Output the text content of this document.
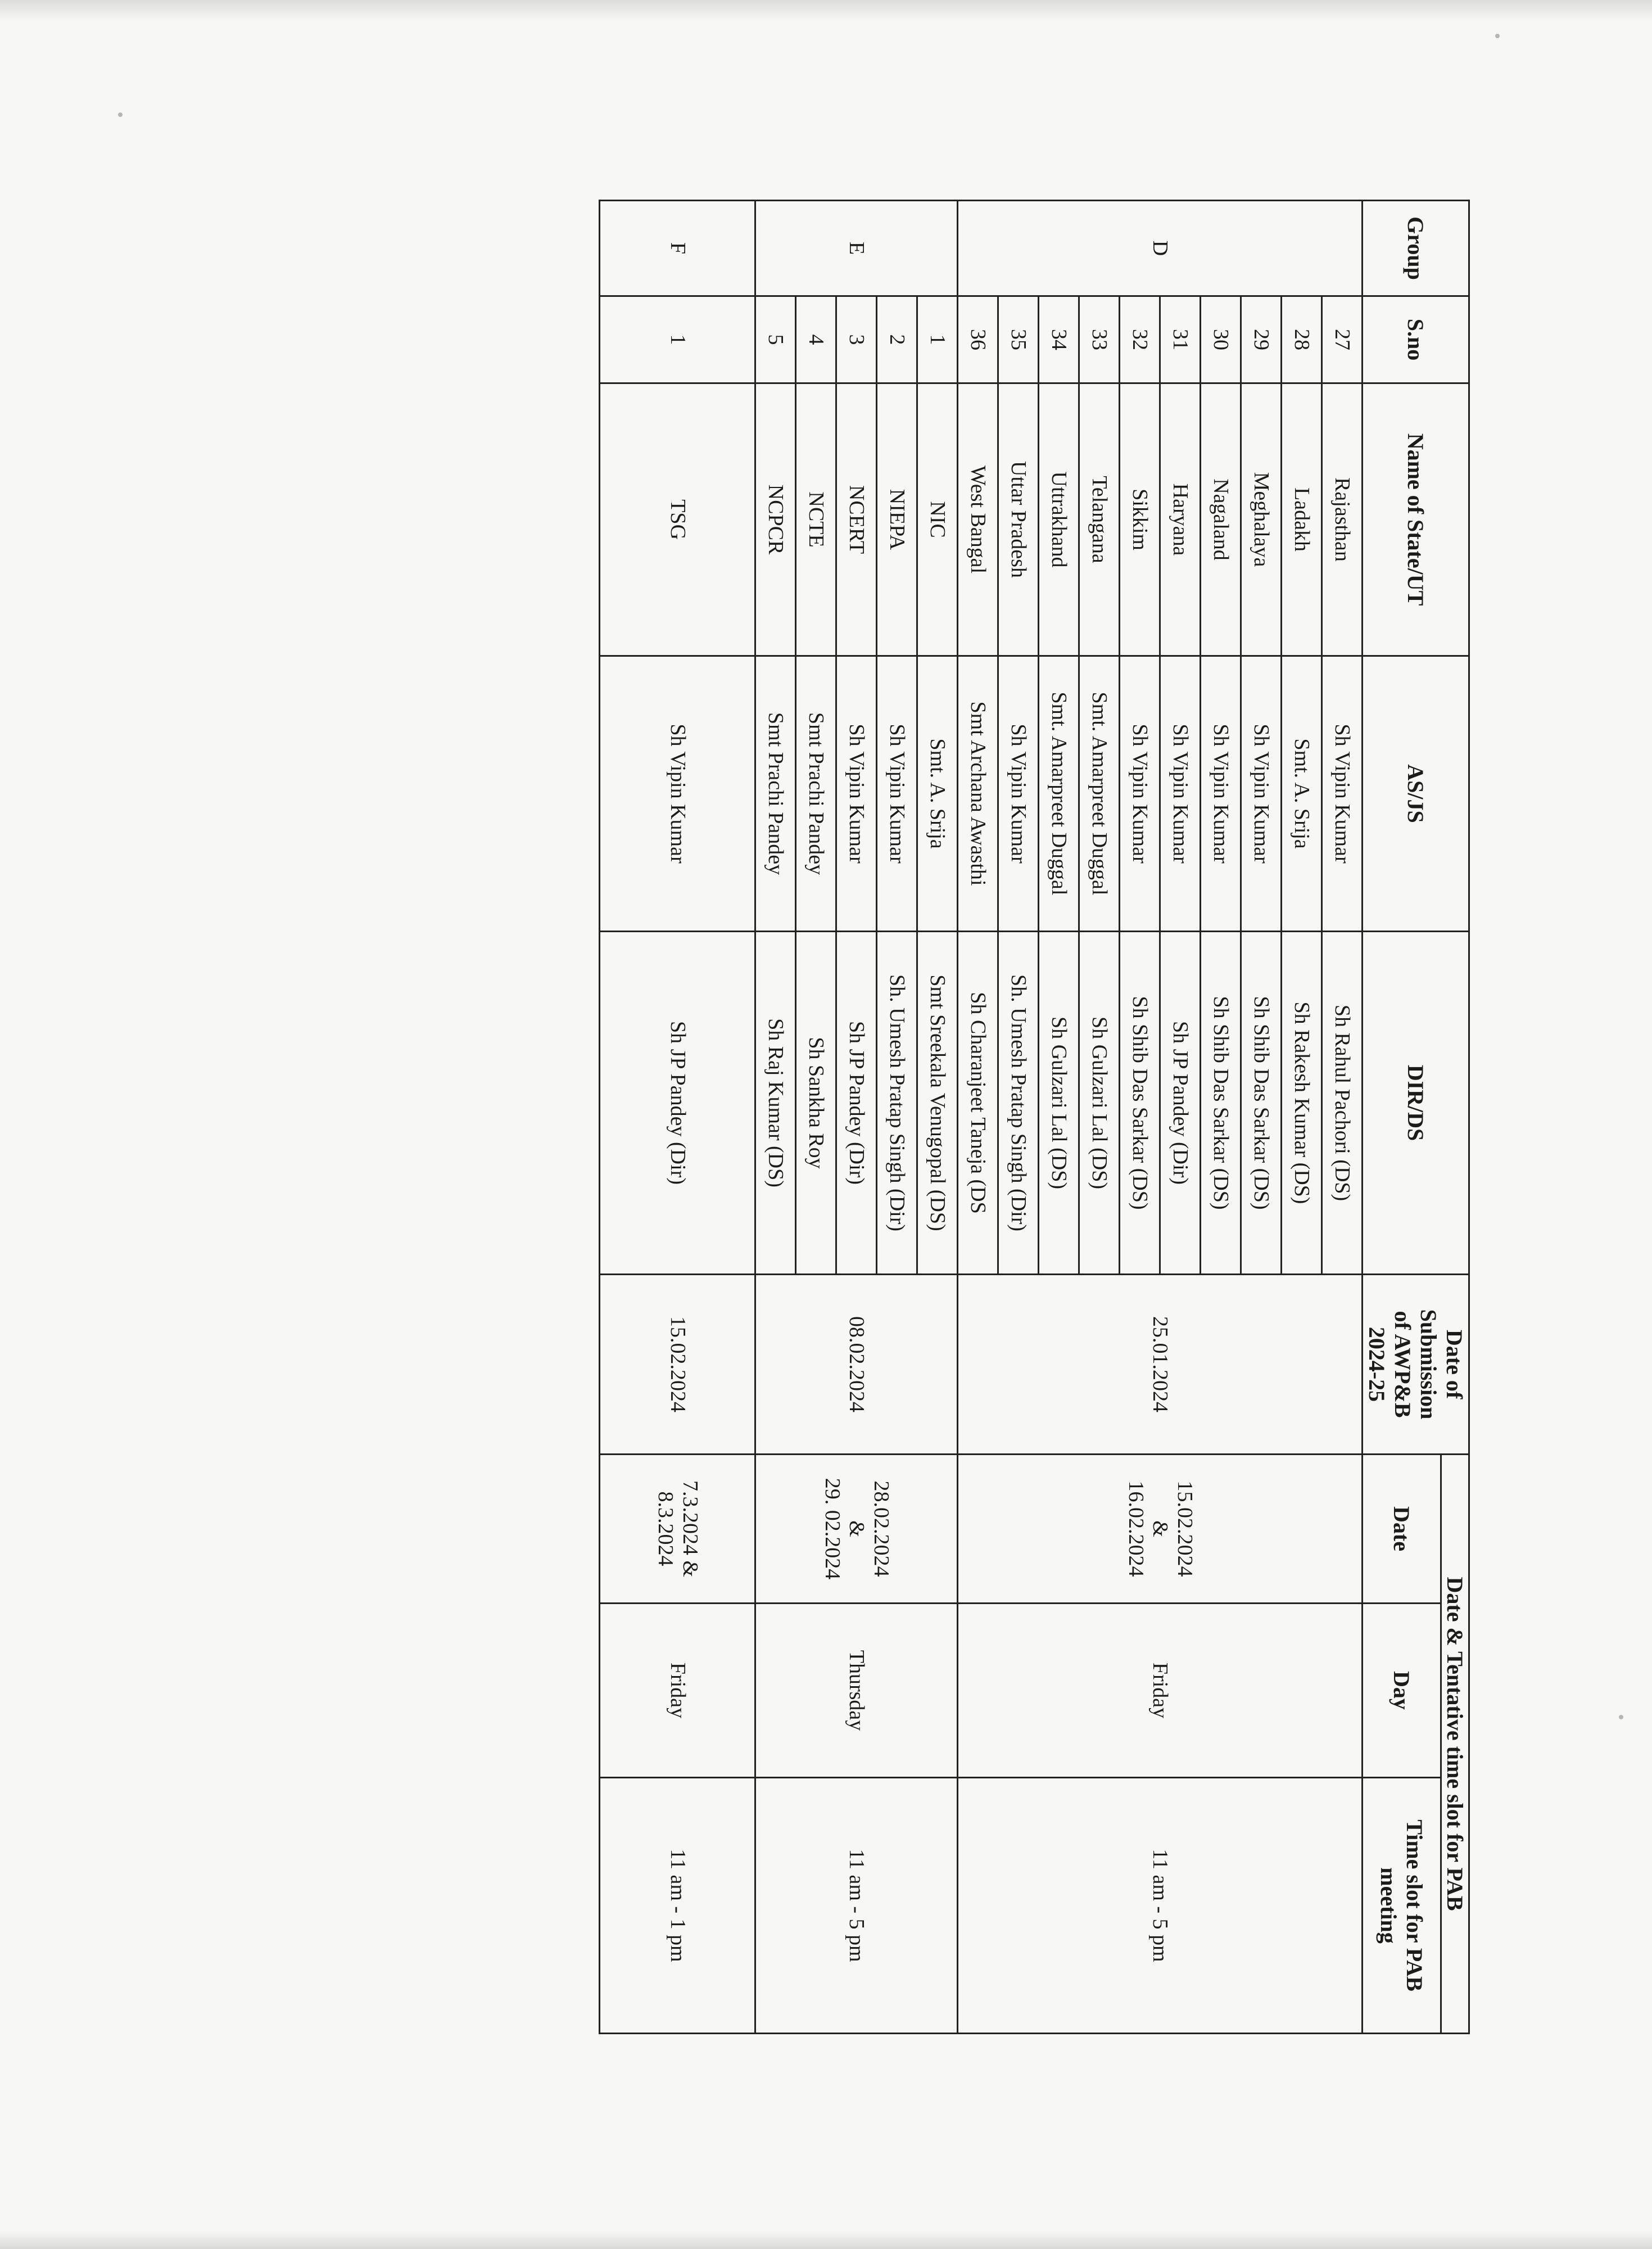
Group	S.no	Name of State/UT	AS/JS	DIR/DS	Date of
Submission
of AWP&B
2024-25	Date & Tentative time slot for PAB		
						Date	Day	Time slot for PAB
meeting

D	27	Rajasthan	Sh Vipin Kumar	Sh Rahul Pachori (DS)	25.01.2024	15.02.2024
&
16.02.2024	Friday	11 am - 5 pm
	28	Ladakh	Smt. A. Srija	Sh Rakesh Kumar (DS)				
	29	Meghalaya	Sh Vipin Kumar	Sh Shib Das Sarkar (DS)				
	30	Nagaland	Sh Vipin Kumar	Sh Shib Das Sarkar (DS)				
	31	Haryana	Sh Vipin Kumar	Sh JP Pandey (Dir)				
	32	Sikkim	Sh Vipin Kumar	Sh Shib Das Sarkar (DS)				
	33	Telangana	Smt. Amarpreet Duggal	Sh Gulzari Lal (DS)				
	34	Uttrakhand	Smt. Amarpreet Duggal	Sh Gulzari Lal (DS)				
	35	Uttar Pradesh	Sh Vipin Kumar	Sh. Umesh Pratap Singh (Dir)				
	36	West Bangal	Smt Archana Awasthi	Sh Charanjeet Taneja (DS				
E	1	NIC	Smt. A. Srija	Smt Sreekala Venugopal (DS)	08.02.2024	28.02.2024
&
29. 02.2024	Thursday	11 am - 5 pm
	2	NIEPA	Sh Vipin Kumar	Sh. Umesh Pratap Singh (Dir)				
	3	NCERT	Sh Vipin Kumar	Sh JP Pandey (Dir)				
	4	NCTE	Smt Prachi Pandey	Sh Sankha Roy				
	5	NCPCR	Smt Prachi Pandey	Sh Raj Kumar (DS)				
F	1	TSG	Sh Vipin Kumar	Sh JP Pandey (Dir)	15.02.2024	7.3.2024 &
8.3.2024	Friday	11 am - 1 pm
